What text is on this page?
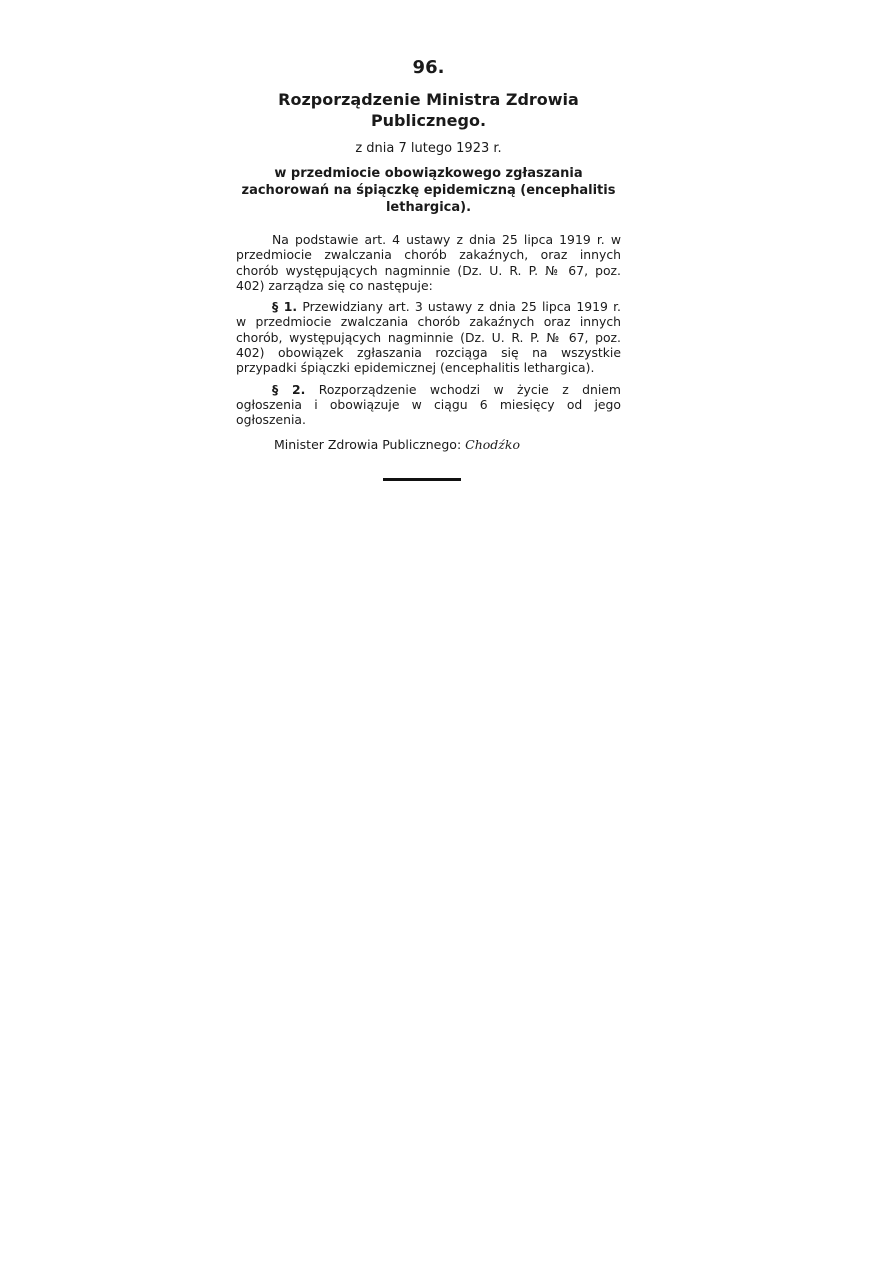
96.
Rozporządzenie Ministra Zdrowia
Publicznego.
z dnia 7 lutego 1923 r.
w przedmiocie obowiązkowego zgłaszania zachorowań na śpiączkę epidemiczną (encephalitis lethargica).

Na podstawie art. 4 ustawy z dnia 25 lipca 1919 r. w przedmiocie zwalczania chorób zakaźnych, oraz innych chorób występujących nagminnie (Dz. U. R. P. № 67, poz. 402) zarządza się co następuje:

§ 1. Przewidziany art. 3 ustawy z dnia 25 lipca 1919 r. w przedmiocie zwalczania chorób zakaźnych oraz innych chorób, występujących nagminnie (Dz. U. R. P. № 67, poz. 402) obowiązek zgłaszania rozciąga się na wszystkie przypadki śpiączki epidemicznej (encephalitis lethargica).

§ 2. Rozporządzenie wchodzi w życie z dniem ogłoszenia i obowiązuje w ciągu 6 miesięcy od jego ogłoszenia.

Minister Zdrowia Publicznego: Chodźko
